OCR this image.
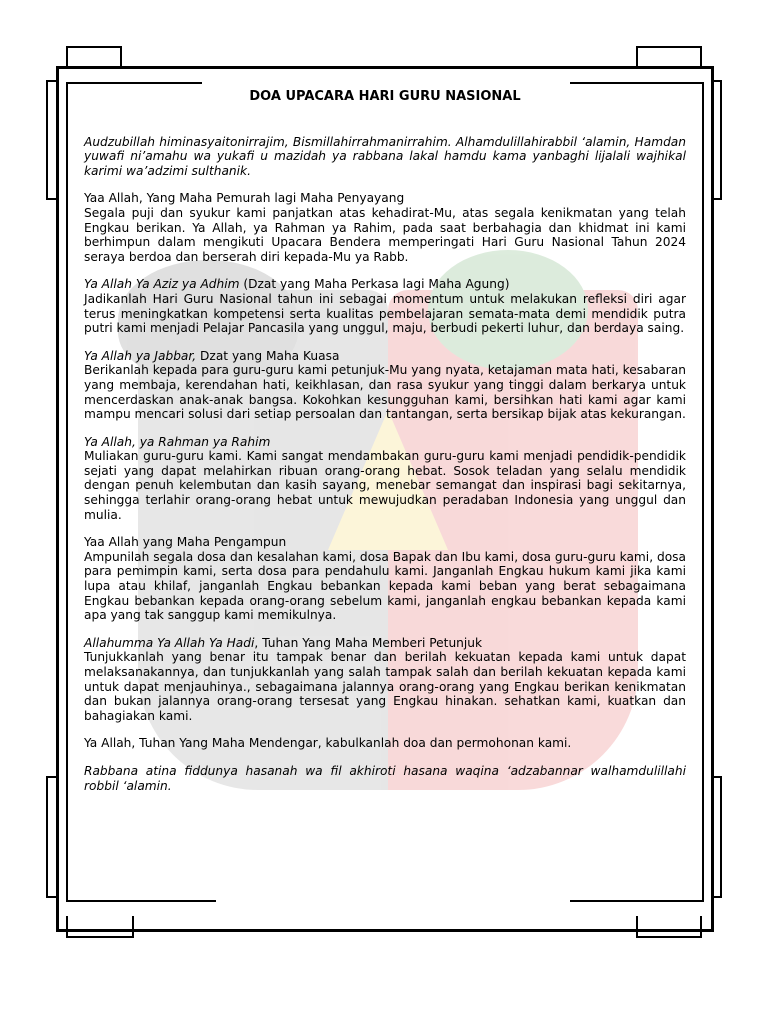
DOA UPACARA HARI GURU NASIONAL

Audzubillah himinasyaitonirrajim, Bismillahirrahmanirrahim. Alhamdulillahirabbil ‘alamin, Hamdan yuwafi ni’amahu wa yukafi u mazidah ya rabbana lakal hamdu kama yanbaghi lijalali wajhikal karimi wa’adzimi sulthanik.

Yaa Allah, Yang Maha Pemurah lagi Maha Penyayang

Segala puji dan syukur kami panjatkan atas kehadirat-Mu, atas segala kenikmatan yang telah Engkau berikan. Ya Allah, ya Rahman ya Rahim, pada saat berbahagia dan khidmat ini kami berhimpun dalam mengikuti Upacara Bendera memperingati Hari Guru Nasional Tahun 2024 seraya berdoa dan berserah diri kepada-Mu ya Rabb.

Ya Allah Ya Aziz ya Adhim (Dzat yang Maha Perkasa lagi Maha Agung)

Jadikanlah Hari Guru Nasional tahun ini sebagai momentum untuk melakukan refleksi diri agar terus meningkatkan kompetensi serta kualitas pembelajaran semata-mata demi mendidik putra putri kami menjadi Pelajar Pancasila yang unggul, maju, berbudi pekerti luhur, dan berdaya saing.

Ya Allah ya Jabbar, Dzat yang Maha Kuasa

Berikanlah kepada para guru-guru kami petunjuk-Mu yang nyata, ketajaman mata hati, kesabaran yang membaja, kerendahan hati, keikhlasan, dan rasa syukur yang tinggi dalam berkarya untuk mencerdaskan anak-anak bangsa. Kokohkan kesungguhan kami, bersihkan hati kami agar kami mampu mencari solusi dari setiap persoalan dan tantangan, serta bersikap bijak atas kekurangan.

Ya Allah, ya Rahman ya Rahim

Muliakan guru-guru kami. Kami sangat mendambakan guru-guru kami menjadi pendidik-pendidik sejati yang dapat melahirkan ribuan orang-orang hebat. Sosok teladan yang selalu mendidik dengan penuh kelembutan dan kasih sayang, menebar semangat dan inspirasi bagi sekitarnya, sehingga terlahir orang-orang hebat untuk mewujudkan peradaban Indonesia yang unggul dan mulia.

Yaa Allah yang Maha Pengampun

Ampunilah segala dosa dan kesalahan kami, dosa Bapak dan Ibu kami, dosa guru-guru kami, dosa para pemimpin kami, serta dosa para pendahulu kami. Janganlah Engkau hukum kami jika kami lupa atau khilaf, janganlah Engkau bebankan kepada kami beban yang berat sebagaimana Engkau bebankan kepada orang-orang sebelum kami, janganlah engkau bebankan kepada kami apa yang tak sanggup kami memikulnya.

Allahumma Ya Allah Ya Hadi, Tuhan Yang Maha Memberi Petunjuk

Tunjukkanlah yang benar itu tampak benar dan berilah kekuatan kepada kami untuk dapat melaksanakannya, dan tunjukkanlah yang salah tampak salah dan berilah kekuatan kepada kami untuk dapat menjauhinya., sebagaimana jalannya orang-orang yang Engkau berikan kenikmatan dan bukan jalannya orang-orang tersesat yang Engkau hinakan. sehatkan kami, kuatkan dan bahagiakan kami.

Ya Allah, Tuhan Yang Maha Mendengar, kabulkanlah doa dan permohonan kami.

Rabbana atina fiddunya hasanah wa fil akhiroti hasana waqina ‘adzabannar walhamdulillahi robbil ‘alamin.
